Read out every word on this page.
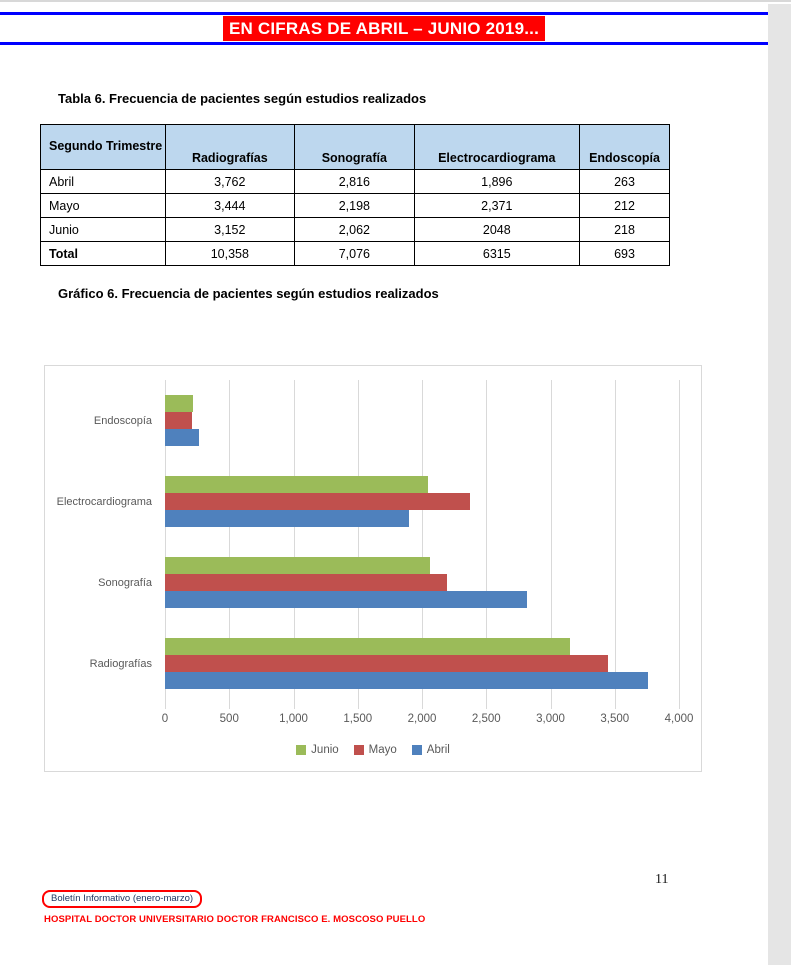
EN CIFRAS DE ABRIL – JUNIO 2019...
Tabla 6. Frecuencia de pacientes según estudios realizados
Segundo Trimestre	Radiografías	Sonografía	Electrocardiograma	Endoscopía
Abril	3,762	2,816	1,896	263
Mayo	3,444	2,198	2,371	212
Junio	3,152	2,062	2048	218
Total	10,358	7,076	6315	693
Gráfico 6. Frecuencia de pacientes según estudios realizados
Endoscopía
Electrocardiograma
Sonografía
Radiografías
0	500	1,000	1,500	2,000	2,500	3,000	3,500	4,000
Junio	Mayo	Abril
11
Boletín Informativo (enero-marzo)
HOSPITAL DOCTOR UNIVERSITARIO DOCTOR FRANCISCO E. MOSCOSO PUELLO
